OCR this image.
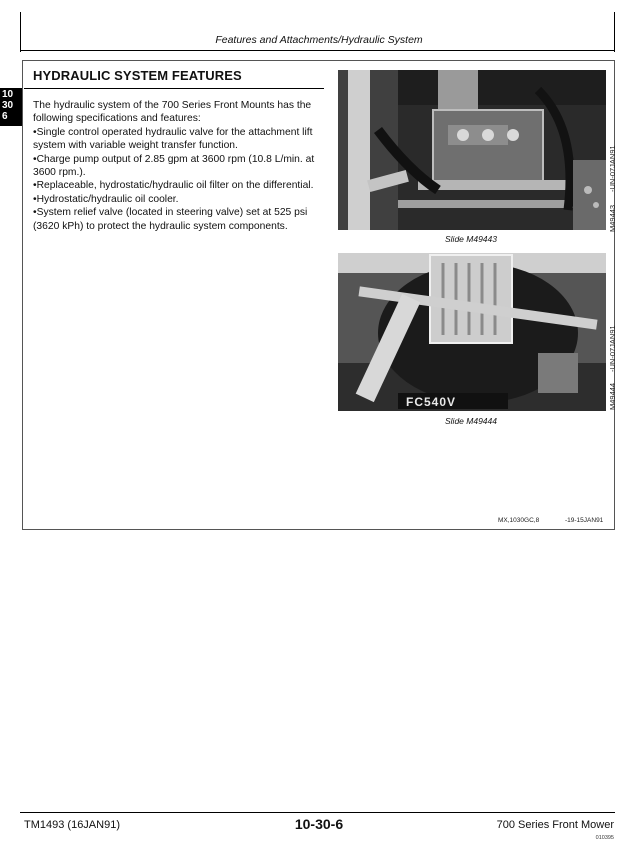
Features and Attachments/Hydraulic System
10
30
6
HYDRAULIC SYSTEM FEATURES

The hydraulic system of the 700 Series Front Mounts has the following specifications and features:

•Single control operated hydraulic valve for the attachment lift system with variable weight transfer function.

•Charge pump output of 2.85 gpm at 3600 rpm (10.8 L/min. at 3600 rpm.).

•Replaceable, hydrostatic/hydraulic oil filter on the differential.

•Hydrostatic/hydraulic oil cooler.

•System relief valve (located in steering valve) set at 525 psi (3620 kPh) to protect the hydraulic system components.	M49443
-UN-07JAN91
Slide M49443
FC540V	M49444
-UN-07JAN91
Slide M49444
MX,1030GC,8	-19-15JAN91
TM1493 (16JAN91)	10-30-6	700 Series Front Mower
010395
